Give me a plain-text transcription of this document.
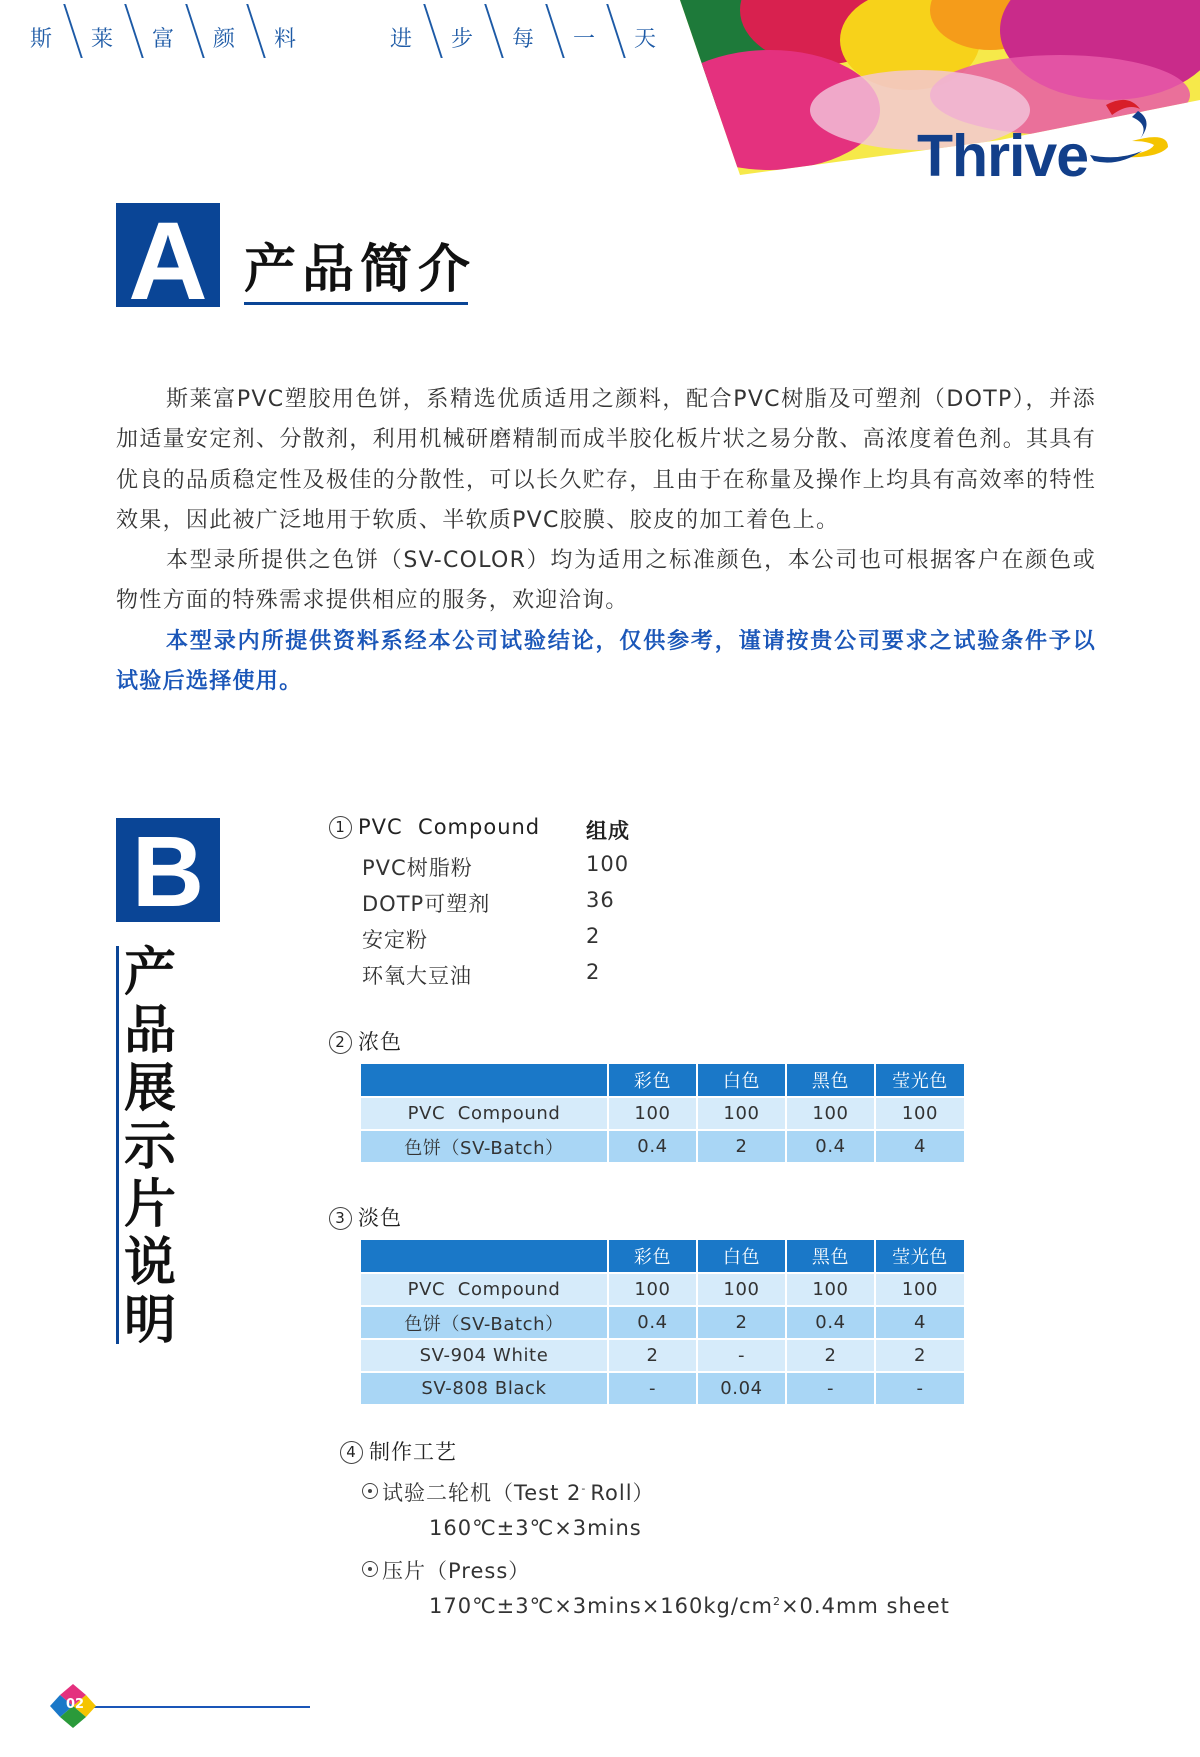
斯 莱 富 颜 料	进 步 每 一 天
Thrive
A 产品简介

斯莱富PVC塑胶用色饼，系精选优质适用之颜料，配合PVC树脂及可塑剂（DOTP），并添加适量安定剂、分散剂，利用机械研磨精制而成半胶化板片状之易分散、高浓度着色剂。其具有优良的品质稳定性及极佳的分散性，可以长久贮存，且由于在称量及操作上均具有高效率的特性效果，因此被广泛地用于软质、半软质PVC胶膜、胶皮的加工着色上。

本型录所提供之色饼（SV-COLOR）均为适用之标准颜色，本公司也可根据客户在颜色或物性方面的特殊需求提供相应的服务，欢迎洽询。

本型录内所提供资料系经本公司试验结论，仅供参考，谨请按贵公司要求之试验条件予以试验后选择使用。

B
产
品
展
示
片
说
明
1 PVC  Compound 组成
PVC树脂粉	100
DOTP可塑剂	36
安定粉	2
环氧大豆油	2
2 浓色
	彩色	白色	黑色	莹光色
PVC  Compound	100	100	100	100
色饼（SV-Batch）	0.4	2	0.4	4
3 淡色
	彩色	白色	黑色	莹光色
PVC  Compound	100	100	100	100
色饼（SV-Batch）	0.4	2	0.4	4
SV-904 White	2	-	2	2
SV-808 Black	-	0.04	-	-
4 制作工艺
试验二轮机（Test 2- Roll）
160℃±3℃×3mins
压片（Press）
$170℃\pm 3℃\times 3\min s\times 160kg/cm^2\times 0.4mm$ sheet
02
